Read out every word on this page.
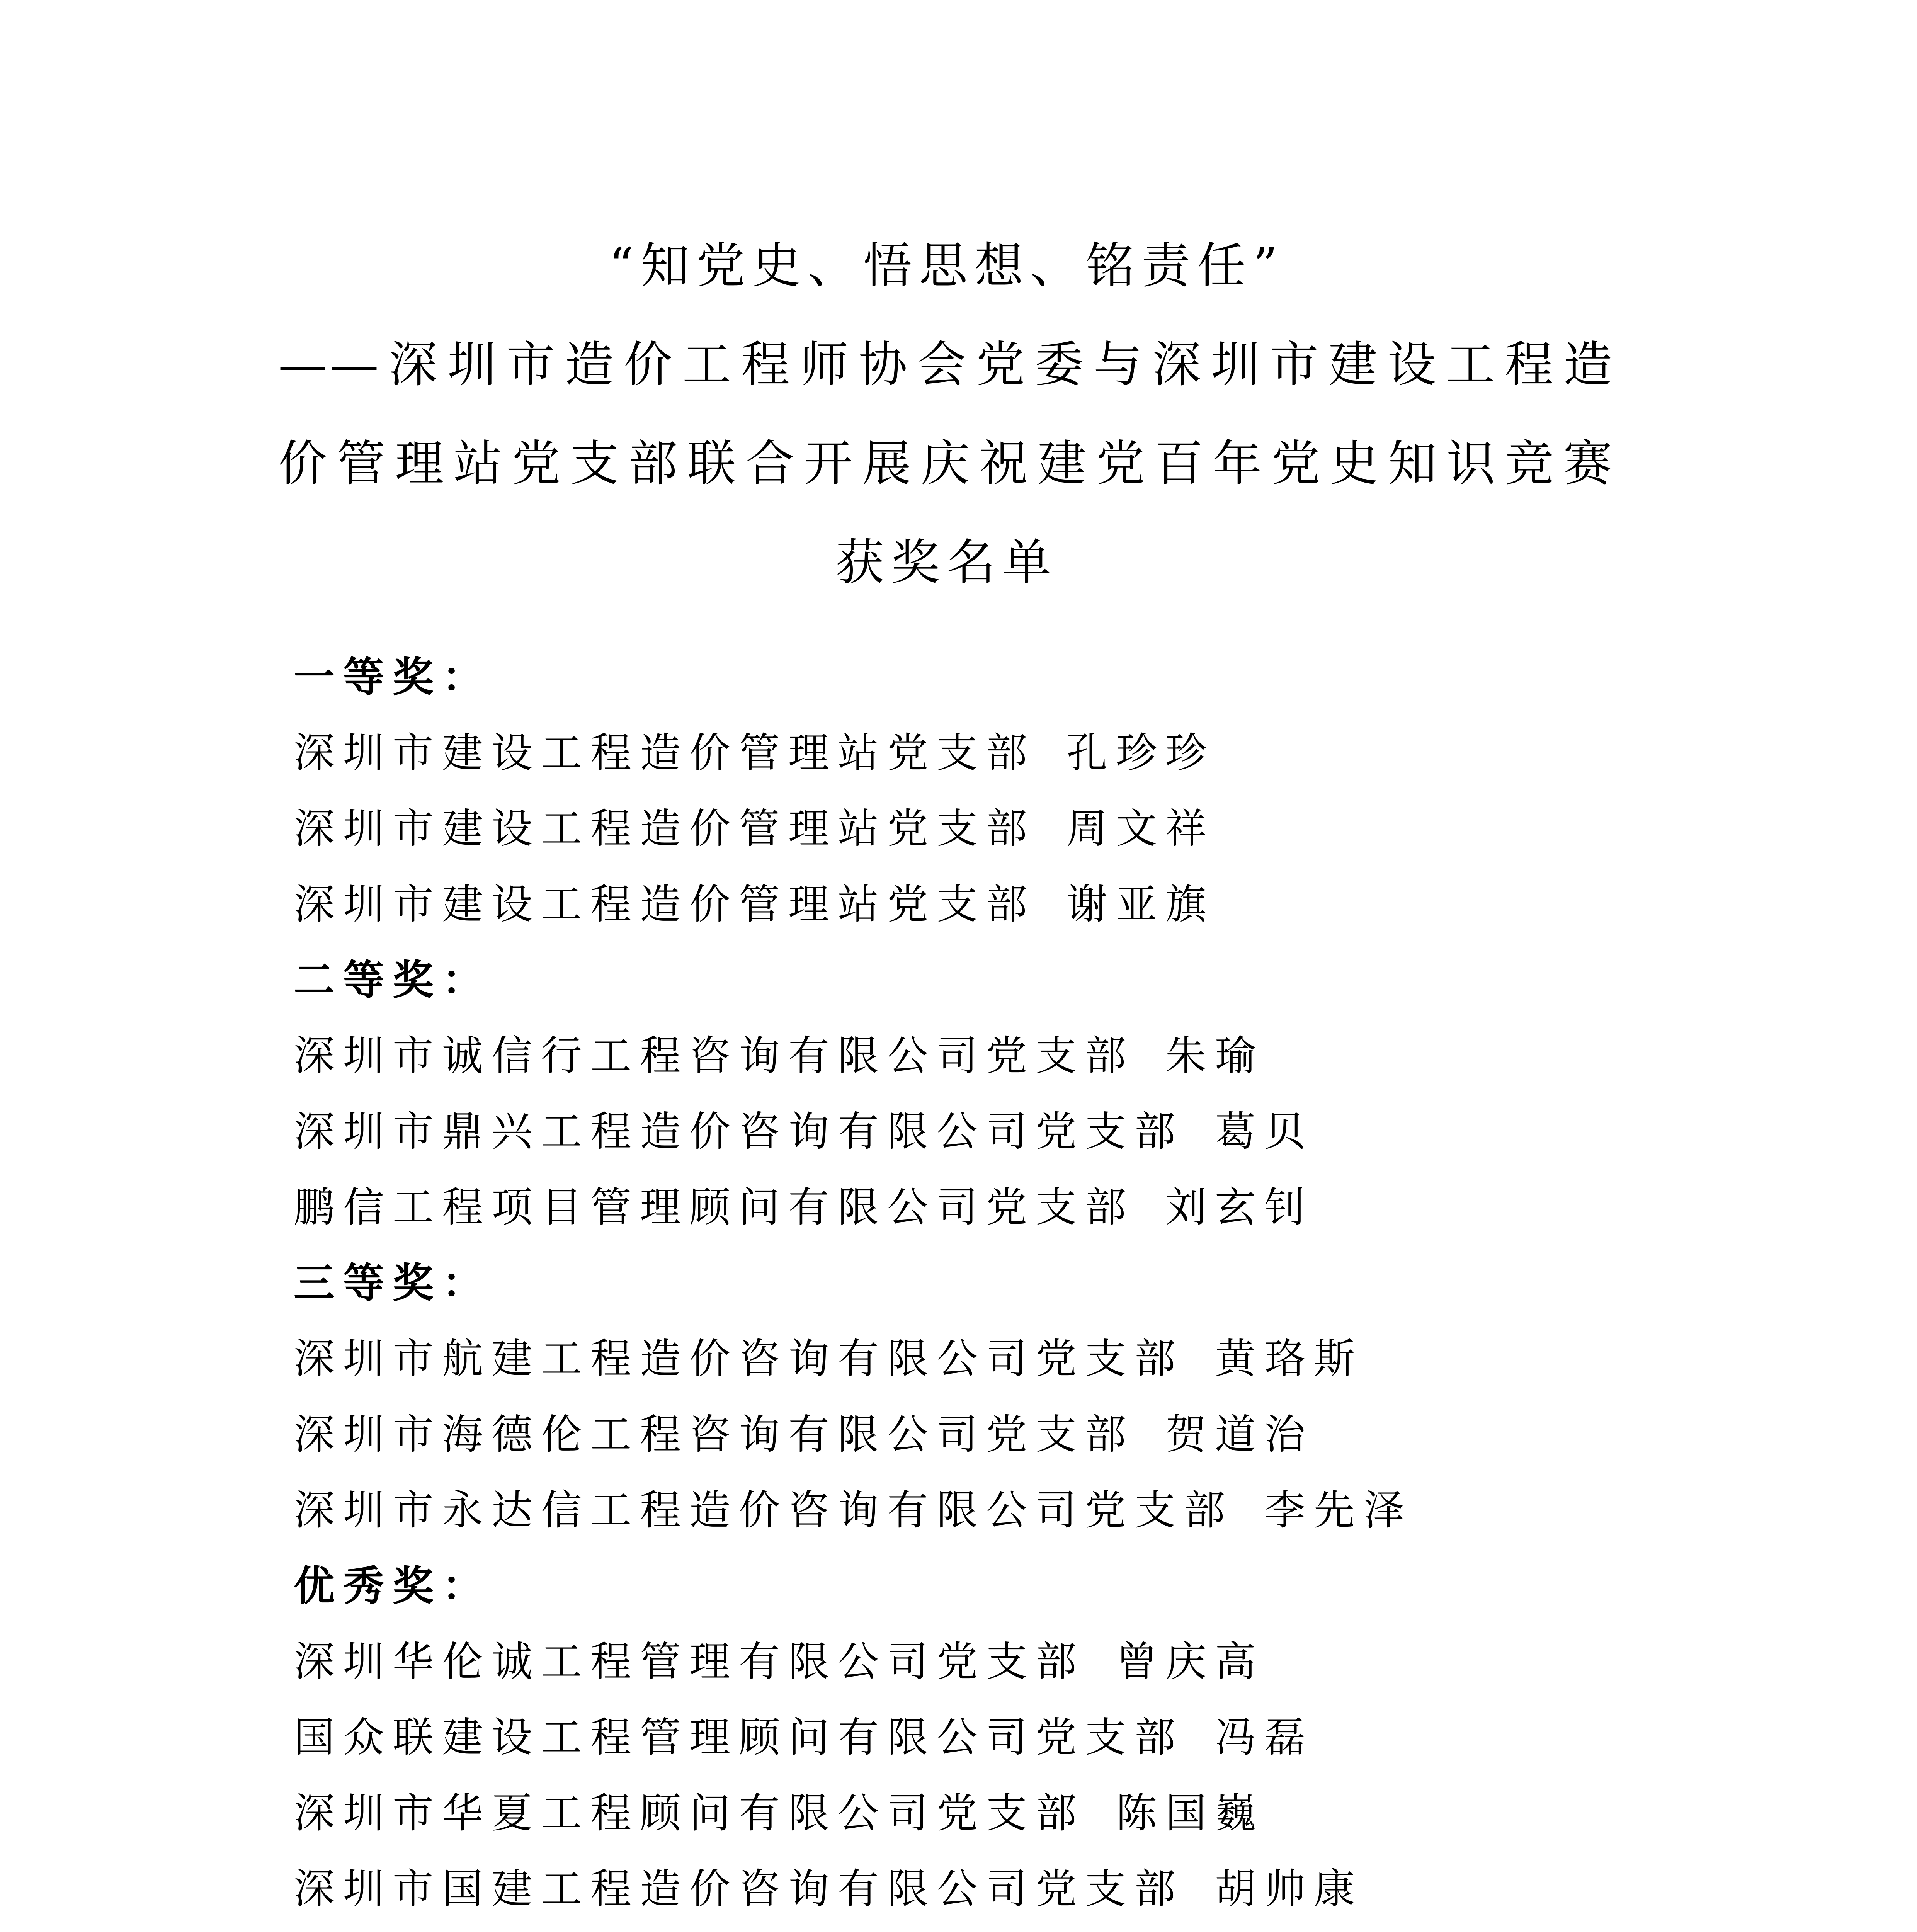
“知党史、悟思想、铭责任”
——深圳市造价工程师协会党委与深圳市建设工程造
价管理站党支部联合开展庆祝建党百年党史知识竞赛
获奖名单
一等奖：
深圳市建设工程造价管理站党支部 孔珍珍
深圳市建设工程造价管理站党支部 周文祥
深圳市建设工程造价管理站党支部 谢亚旗
二等奖：
深圳市诚信行工程咨询有限公司党支部 朱瑜
深圳市鼎兴工程造价咨询有限公司党支部 葛贝
鹏信工程项目管理顾问有限公司党支部 刘玄钊
三等奖：
深圳市航建工程造价咨询有限公司党支部 黄珞斯
深圳市海德伦工程咨询有限公司党支部 贺道治
深圳市永达信工程造价咨询有限公司党支部 李先泽
优秀奖：
深圳华伦诚工程管理有限公司党支部 曾庆高
国众联建设工程管理顾问有限公司党支部 冯磊
深圳市华夏工程顾问有限公司党支部 陈国巍
深圳市国建工程造价咨询有限公司党支部 胡帅康
